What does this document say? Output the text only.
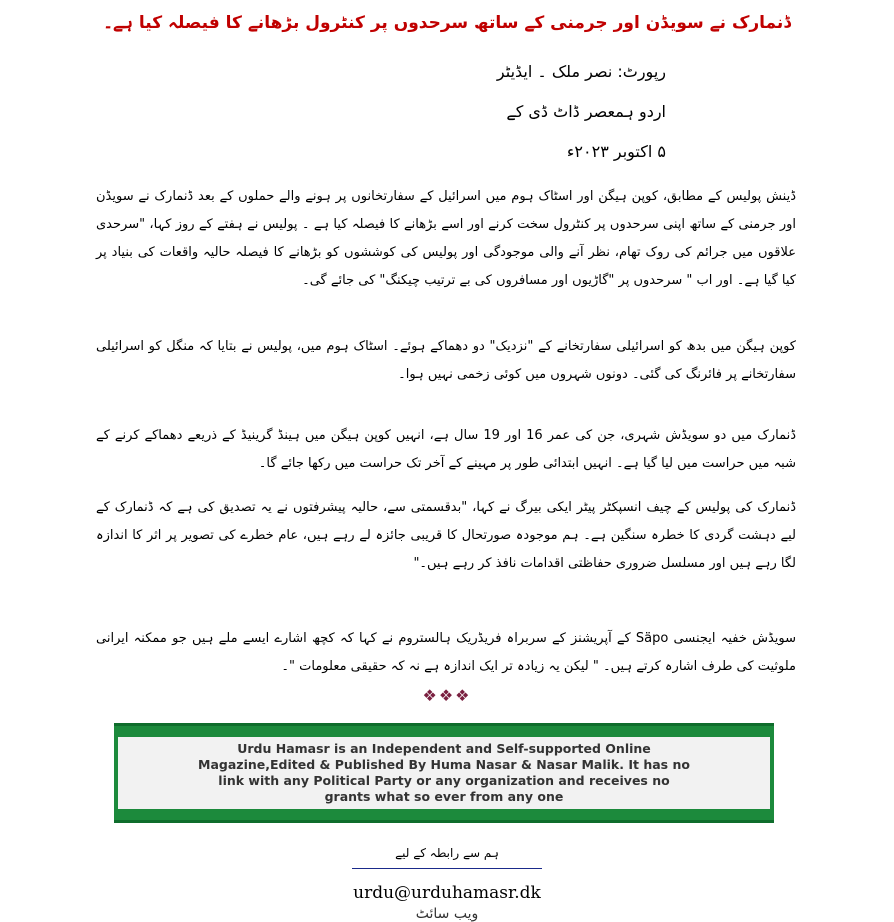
ڈنمارک نے سویڈن اور جرمنی کے ساتھ سرحدوں پر کنٹرول بڑھانے کا فیصلہ کیا ہے۔
رپورٹ: نصر ملک ۔ ایڈیٹر
اردو ہمعصر ڈاٹ ڈی کے
۵ اکتوبر ۲۰۲۳ء
ڈینش پولیس کے مطابق، کوپن ہیگن اور اسٹاک ہوم میں اسرائیل کے سفارتخانوں پر ہونے والے حملوں کے بعد ڈنمارک نے سویڈن اور جرمنی کے ساتھ اپنی سرحدوں پر کنٹرول سخت کرنے اور اسے بڑھانے کا فیصلہ کیا ہے ۔ پولیس نے ہفتے کے روز کہا، "سرحدی علاقوں میں جرائم کی روک تھام، نظر آنے والی موجودگی اور پولیس کی کوششوں کو بڑھانے کا فیصلہ حالیہ واقعات کی بنیاد پر کیا گیا ہے۔ اور اب " سرحدوں پر "گاڑیوں اور مسافروں کی بے ترتیب چیکنگ" کی جائے گی۔
کوپن ہیگن میں بدھ کو اسرائیلی سفارتخانے کے "نزدیک" دو دھماکے ہوئے۔ اسٹاک ہوم میں، پولیس نے بتایا کہ منگل کو اسرائیلی سفارتخانے پر فائرنگ کی گئی۔ دونوں شہروں میں کوئی زخمی نہیں ہوا۔
ڈنمارک میں دو سویڈش شہری، جن کی عمر 16 اور 19 سال ہے، انہیں کوپن ہیگن میں ہینڈ گرینیڈ کے ذریعے دھماکے کرنے کے شبہ میں حراست میں لیا گیا ہے۔ انہیں ابتدائی طور پر مہینے کے آخر تک حراست میں رکھا جائے گا۔
ڈنمارک کی پولیس کے چیف انسپکٹر پیٹر ایکی بیرگ نے کہا، "بدقسمتی سے، حالیہ پیشرفتوں نے یہ تصدیق کی ہے کہ ڈنمارک کے لیے دہشت گردی کا خطرہ سنگین ہے۔ ہم موجودہ صورتحال کا قریبی جائزہ لے رہے ہیں، عام خطرے کی تصویر پر اثر کا اندازہ لگا رہے ہیں اور مسلسل ضروری حفاظتی اقدامات نافذ کر رہے ہیں۔"
سویڈش خفیہ ایجنسی Säpo کے آپریشنز کے سربراہ فریڈریک ہالستروم نے کہا کہ کچھ اشارے ایسے ملے ہیں جو ممکنہ ایرانی ملوثیت کی طرف اشارہ کرتے ہیں۔ " لیکن یہ زیادہ تر ایک اندازہ ہے نہ کہ حقیقی معلومات "۔
❖❖❖
Urdu Hamasr is an Independent and Self-supported Online
Magazine,Edited & Published By Huma Nasar & Nasar Malik. It has no
link with any Political Party or any organization and receives no
grants what so ever from any one
ہم سے رابطہ کے لیے
urdu@urduhamasr.dk
ویب سائٹ
